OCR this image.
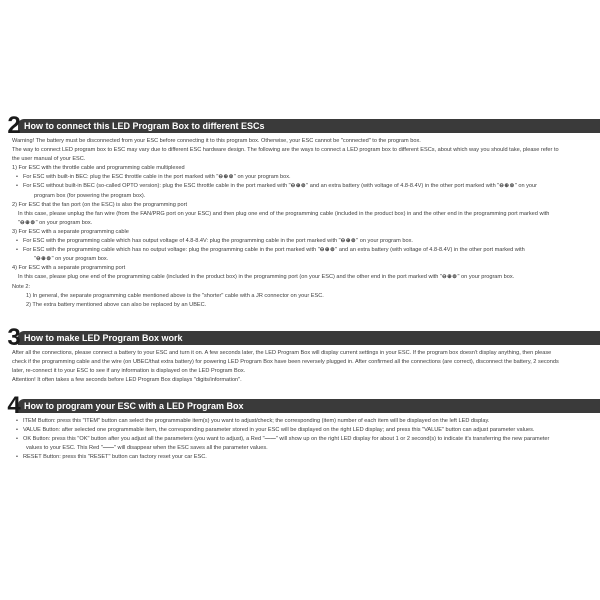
How to connect this LED Program Box to different ESCs
2

Warning! The battery must be disconnected from your ESC before connecting it to this program box. Otherwise, your ESC cannot be "connected" to the program box.

The way to connect LED program box to ESC may vary due to different ESC hardware design. The following are the ways to connect a LED program box to different ESCs, about which way you should take, please refer to

the user manual of your ESC.

1) For ESC with the throttle cable and programming cable multiplexed

• For ESC with built-in BEC: plug the ESC throttle cable in the port marked with "⊖⊕⊚" on your program box.

• For ESC without built-in BEC (so-called OPTO version): plug the ESC throttle cable in the port marked with "⊖⊕⊚" and an extra battery (with voltage of 4.8-8.4V) in the other port marked with "⊖⊕⊚" on your

program box (for powering the program box).

2) For ESC that the fan port (on the ESC) is also the programming port

In this case, please unplug the fan wire (from the FAN/PRG port on your ESC) and then plug one end of the programming cable (included in the product box) in and the other end in the programming port marked with

"⊖⊕⊚" on your program box.

3) For ESC with a separate programming cable

• For ESC with the programming cable which has output voltage of 4.8-8.4V: plug the programming cable in the port marked with "⊖⊕⊚" on your program box.

• For ESC with the programming cable which has no output voltage: plug the programming cable in the port marked with "⊖⊕⊚" and an extra battery (with voltage of 4.8-8.4V) in the other port marked with

"⊖⊕⊚" on your program box.

4) For ESC with a separate programming port

In this case, please plug one end of the programming cable (included in the product box) in the programming port (on your ESC) and the other end in the port marked with "⊖⊕⊚" on your program box.

Note 2:

1) In general, the separate programming cable mentioned above is the "shorter" cable with a JR connector on your ESC.

2) The extra battery mentioned above can also be replaced by an UBEC.

How to make LED Program Box work
3

After all the connections, please connect a battery to your ESC and turn it on. A few seconds later, the LED Program Box will display current settings in your ESC. If the program box doesn't display anything, then please

check if the programming cable and the wire (on UBEC/that extra battery) for powering LED Program Box have been reversely plugged in. After confirmed all the connections (are correct), disconnect the battery, 2 seconds

later, re-connect it to your ESC to see if any information is displayed on the LED Program Box.

Attention! It often takes a few seconds before LED Program Box displays "digits/information".

How to program your ESC with a LED Program Box
4

• ITEM Button: press this "ITEM" button can select the programmable item(s) you want to adjust/check; the corresponding (item) number of each item will be displayed on the left LED display.

• VALUE Button: after selected one programmable item, the corresponding parameter stored in your ESC will be displayed on the right LED display; and press this "VALUE" button can adjust parameter values.

• OK Button: press this "OK" button after you adjust all the parameters (you want to adjust), a Red "——" will show up on the right LED display for about 1 or 2 second(s) to indicate it's transferring the new parameter

values to your ESC. This Red "——" will disappear when the ESC saves all the parameter values.

• RESET Button: press this "RESET" button can factory reset your car ESC.
